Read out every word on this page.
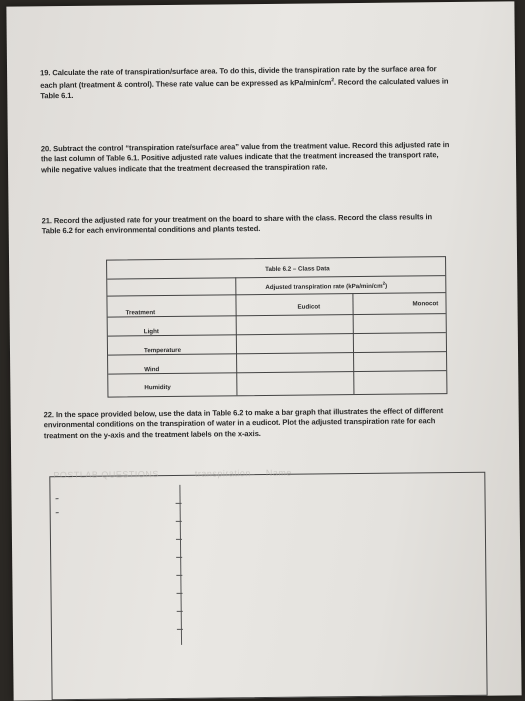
19. Calculate the rate of transpiration/surface area. To do this, divide the transpiration rate by the surface area for each plant (treatment & control). These rate value can be expressed as kPa/$\min/cm^2$. Record the calculated values in Table 6.1.
20. Subtract the control “transpiration rate/surface area” value from the treatment value. Record this adjusted rate in the last column of Table 6.1. Positive adjusted rate values indicate that the treatment increased the transport rate, while negative values indicate that the treatment decreased the transpiration rate.
21. Record the adjusted rate for your treatment on the board to share with the class. Record the class results in Table 6.2 for each environmental conditions and plants tested.
Table 6.2 – Class Data
Adjusted transpiration rate $(kPa/\min/cm^2)$
Treatment
Eudicot	Monocot
Light
Temperature
Wind
Humidity
22. In the space provided below, use the data in Table 6.2 to make a bar graph that illustrates the effect of different environmental conditions on the transpiration of water in a eudicot. Plot the adjusted transpiration rate for each treatment on the y-axis and the treatment labels on the x-axis.
POSTLAB QUESTIONS	transpiration Name
